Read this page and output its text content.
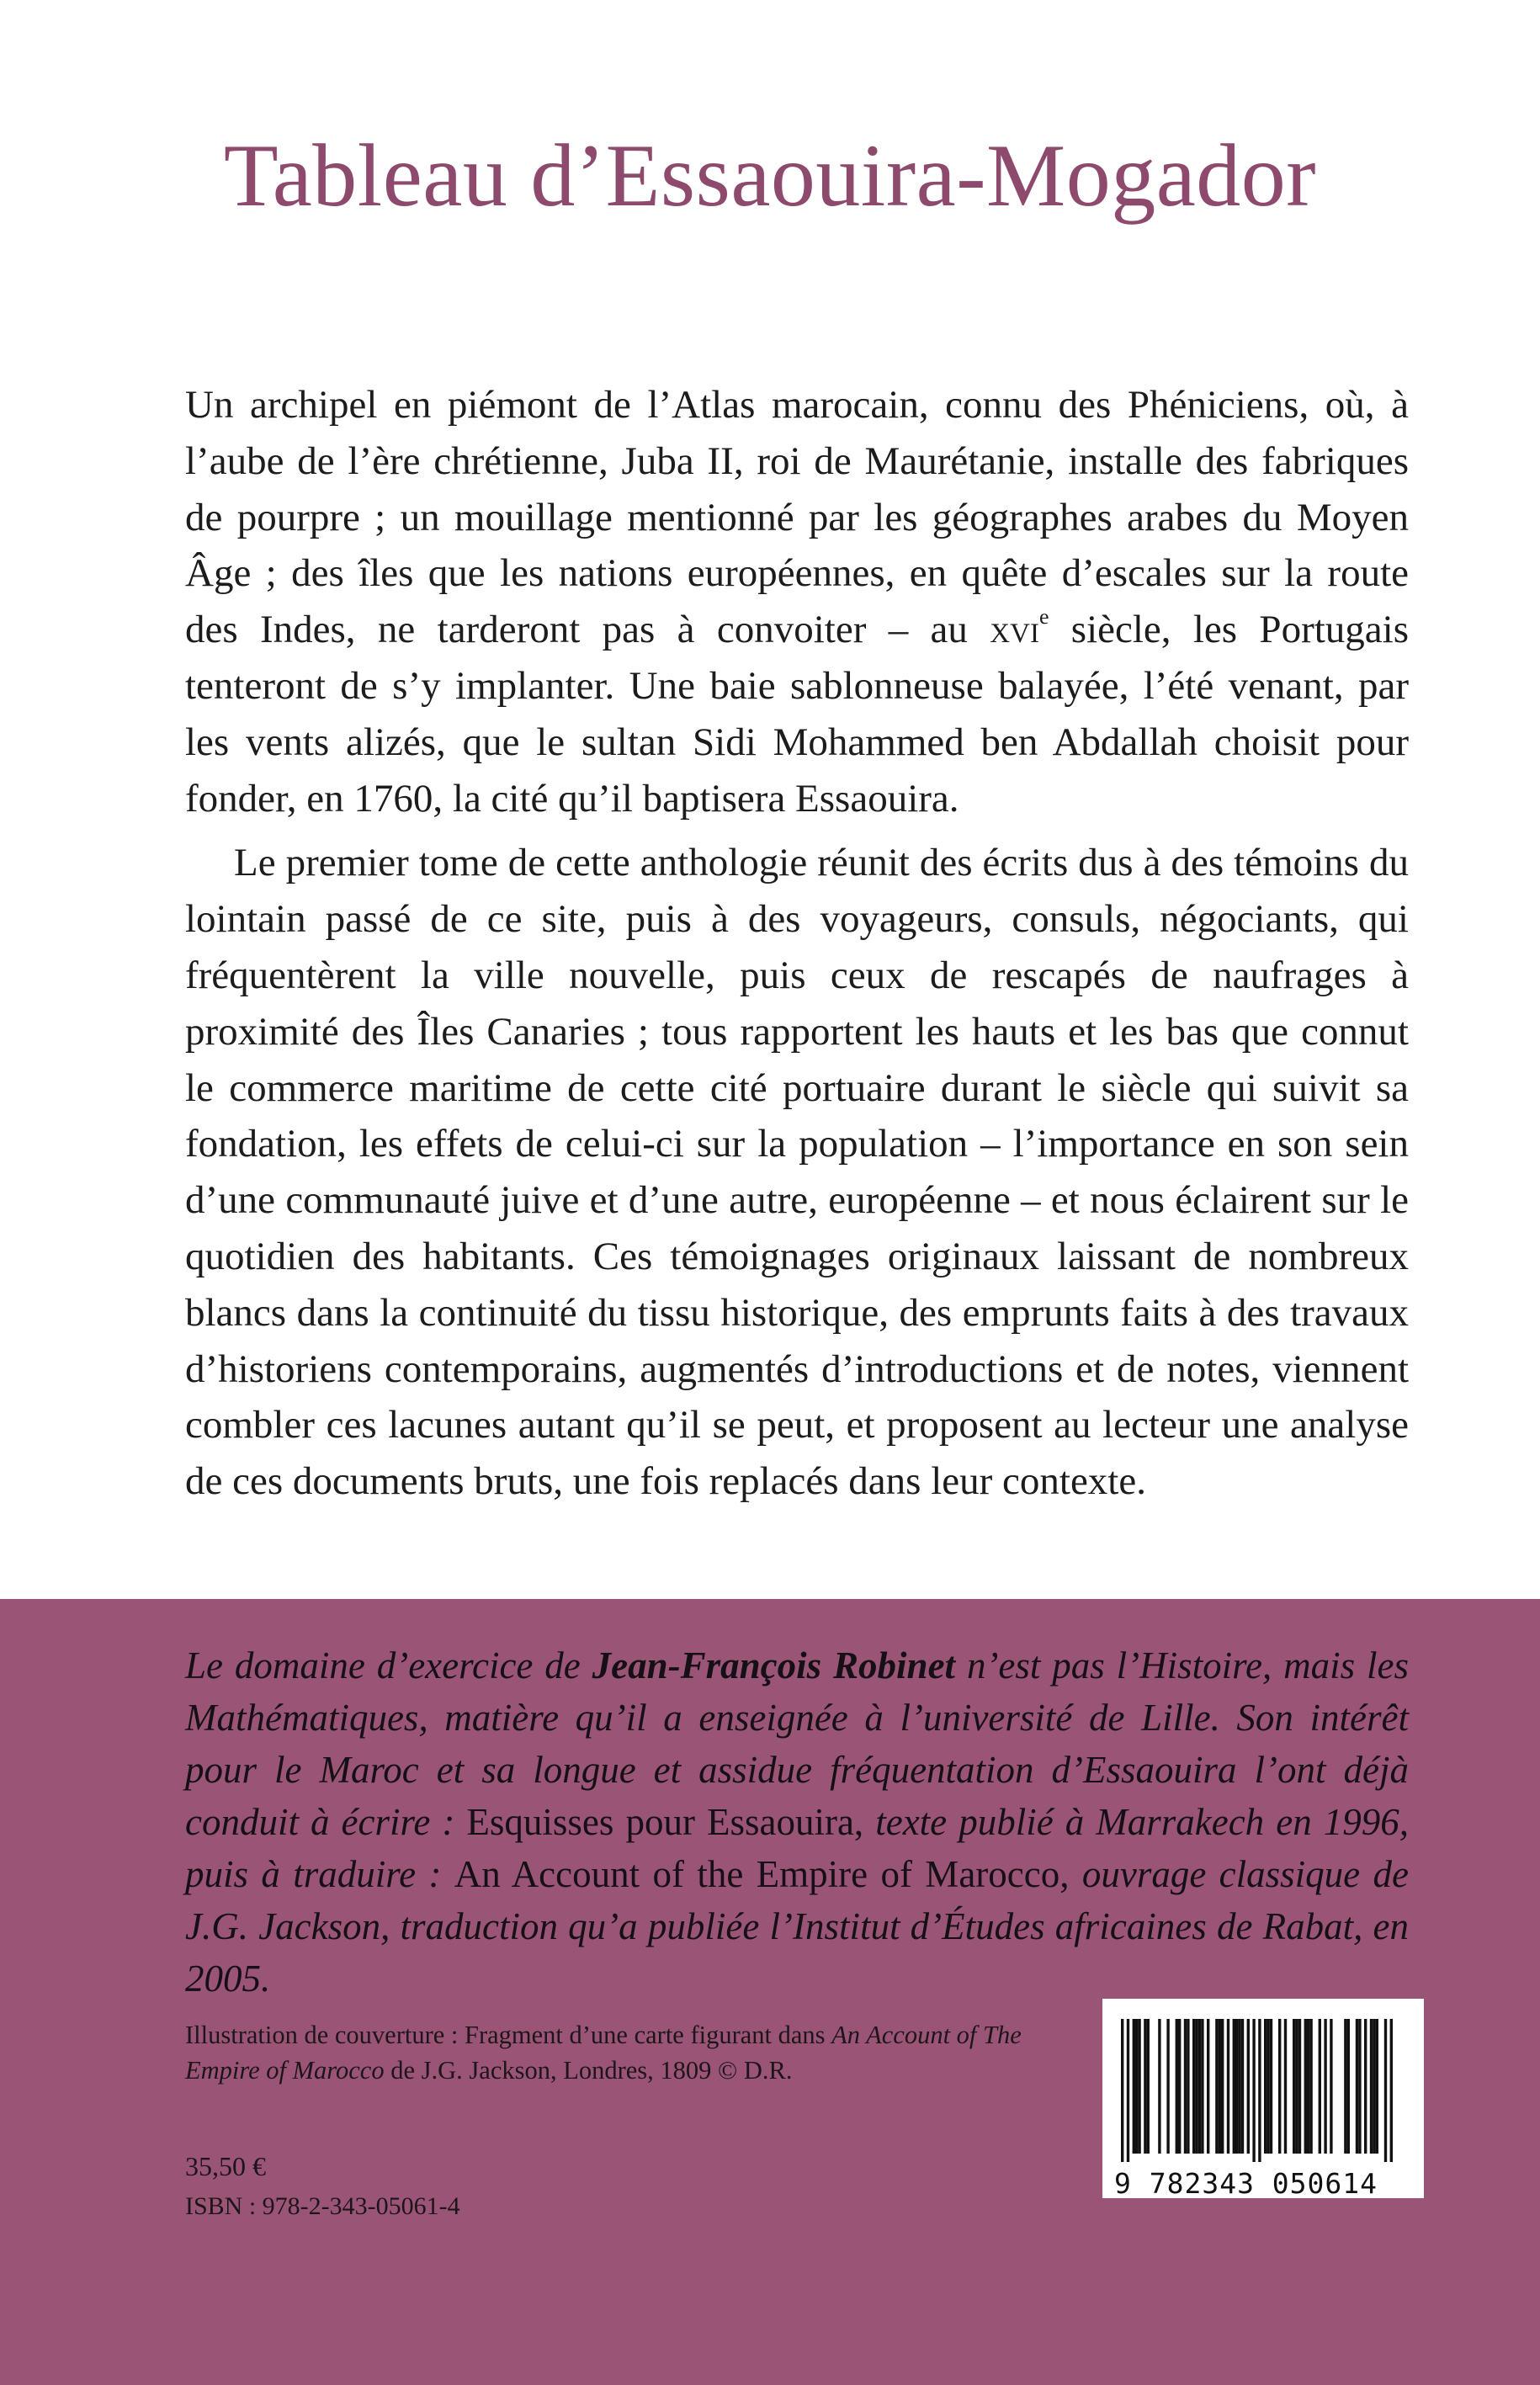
Tableau d’Essaouira-Mogador

Un archipel en piémont de l’Atlas marocain, connu des Phéniciens, où, à l’aube de l’ère chrétienne, Juba II, roi de Maurétanie, installe des fabriques de pourpre ; un mouillage mentionné par les géographes arabes du Moyen Âge ; des îles que les nations européennes, en quête d’escales sur la route des Indes, ne tarderont pas à convoiter – au xvi$^e$ siècle, les Portugais tenteront de s’y implanter. Une baie sablonneuse balayée, l’été venant, par les vents alizés, que le sultan Sidi Mohammed ben Abdallah choisit pour fonder, en 1760, la cité qu’il baptisera Essaouira.

Le premier tome de cette anthologie réunit des écrits dus à des témoins du lointain passé de ce site, puis à des voyageurs, consuls, négociants, qui fréquentèrent la ville nouvelle, puis ceux de rescapés de naufrages à proximité des Îles Canaries ; tous rapportent les hauts et les bas que connut le commerce maritime de cette cité portuaire durant le siècle qui suivit sa fondation, les effets de celui-ci sur la population – l’importance en son sein d’une communauté juive et d’une autre, européenne – et nous éclairent sur le quotidien des habitants. Ces témoignages originaux laissant de nombreux blancs dans la continuité du tissu historique, des emprunts faits à des travaux d’historiens contemporains, augmentés d’introductions et de notes, viennent combler ces lacunes autant qu’il se peut, et proposent au lecteur une analyse de ces documents bruts, une fois replacés dans leur contexte.

Le domaine d’exercice de Jean-François Robinet n’est pas l’Histoire, mais les Mathématiques, matière qu’il a enseignée à l’université de Lille. Son intérêt pour le Maroc et sa longue et assidue fréquentation d’Essaouira l’ont déjà conduit à écrire : Esquisses pour Essaouira, texte publié à Marrakech en 1996, puis à traduire : An Account of the Empire of Marocco, ouvrage classique de J.G. Jackson, traduction qu’a publiée l’Institut d’Études africaines de Rabat, en 2005.
Illustration de couverture : Fragment d’une carte figurant dans An Account of The Empire of Marocco de J.G. Jackson, Londres, 1809 © D.R.
35,50 €
ISBN : 978-2-343-05061-4
9 782343 050614
